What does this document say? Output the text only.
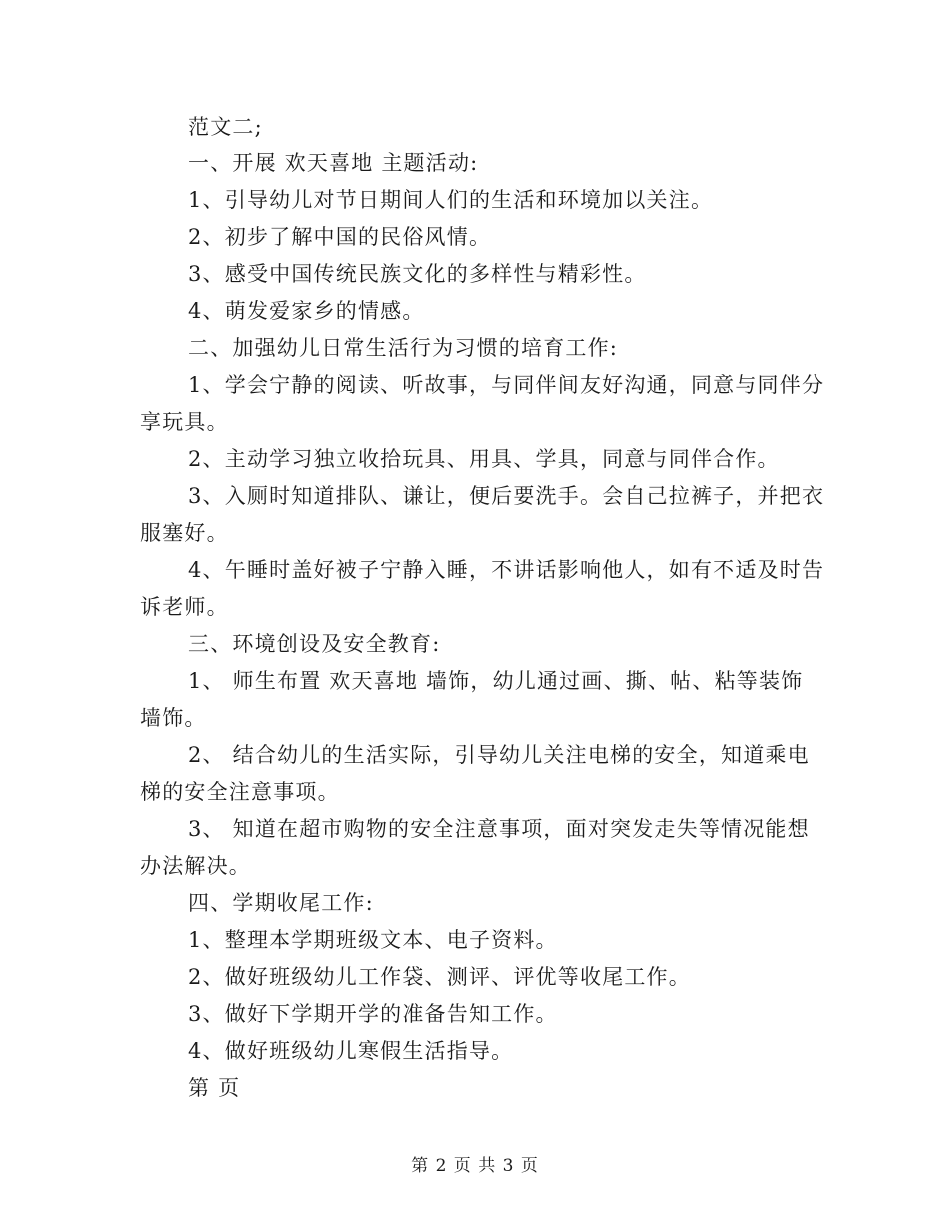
范文二;
一、开展 欢天喜地 主题活动:
1、引导幼儿对节日期间人们的生活和环境加以关注。
2、初步了解中国的民俗风情。
3、感受中国传统民族文化的多样性与精彩性。
4、萌发爱家乡的情感。
二、加强幼儿日常生活行为习惯的培育工作:
1、学会宁静的阅读、听故事，与同伴间友好沟通，同意与同伴分
享玩具。
2、主动学习独立收拾玩具、用具、学具，同意与同伴合作。
3、入厕时知道排队、谦让，便后要洗手。会自己拉裤子，并把衣
服塞好。
4、午睡时盖好被子宁静入睡，不讲话影响他人，如有不适及时告
诉老师。
三、环境创设及安全教育:
1、 师生布置 欢天喜地 墙饰，幼儿通过画、撕、帖、粘等装饰
墙饰。
2、 结合幼儿的生活实际，引导幼儿关注电梯的安全，知道乘电
梯的安全注意事项。
3、 知道在超市购物的安全注意事项，面对突发走失等情况能想
办法解决。
四、学期收尾工作:
1、整理本学期班级文本、电子资料。
2、做好班级幼儿工作袋、测评、评优等收尾工作。
3、做好下学期开学的准备告知工作。
4、做好班级幼儿寒假生活指导。
第 页
第 2 页 共 3 页
